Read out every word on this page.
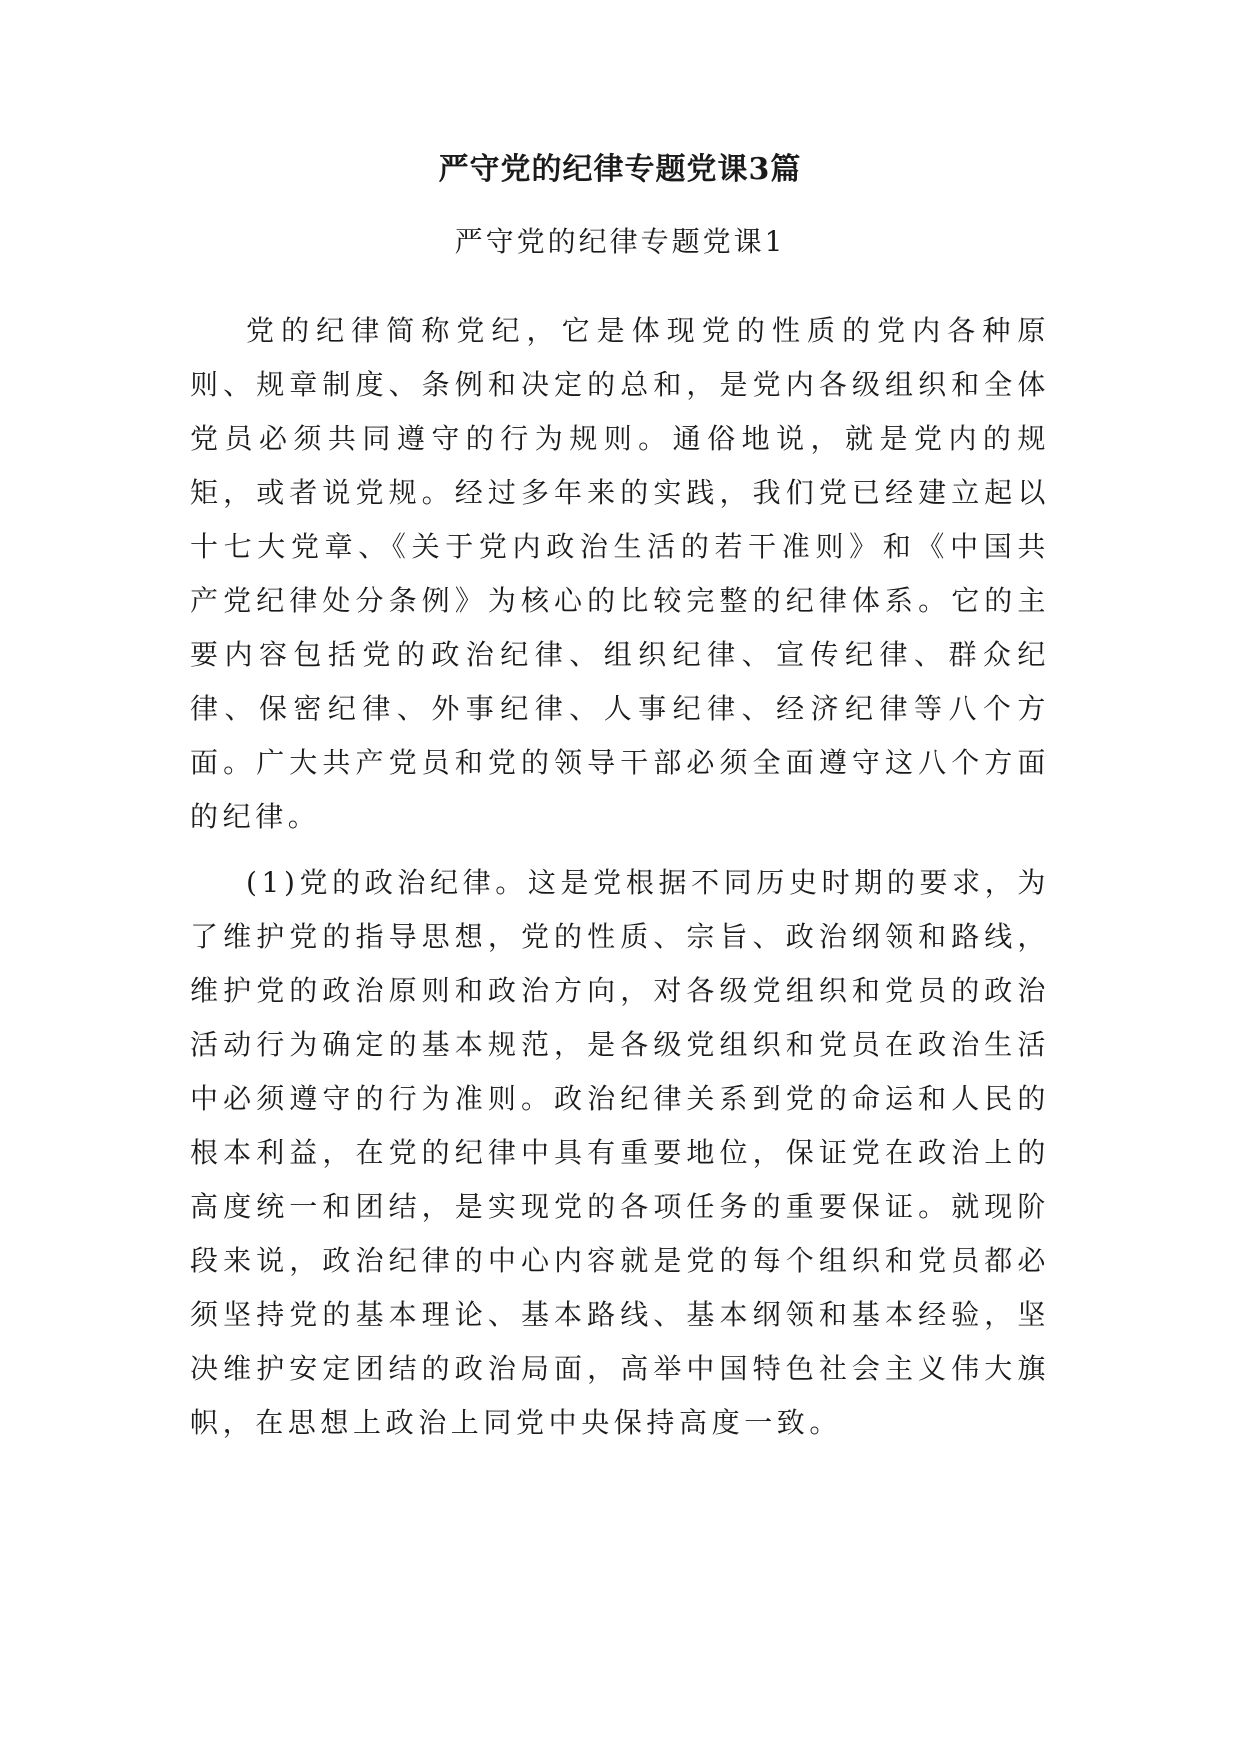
严守党的纪律专题党课3篇
严守党的纪律专题党课1

党的纪律简称党纪，它是体现党的性质的党内各种原则、规章制度、条例和决定的总和，是党内各级组织和全体党员必须共同遵守的行为规则。通俗地说，就是党内的规矩，或者说党规。经过多年来的实践，我们党已经建立起以十七大党章、《关于党内政治生活的若干准则》和《中国共产党纪律处分条例》为核心的比较完整的纪律体系。它的主要内容包括党的政治纪律、组织纪律、宣传纪律、群众纪律、保密纪律、外事纪律、人事纪律、经济纪律等八个方面。广大共产党员和党的领导干部必须全面遵守这八个方面的纪律。

(1)党的政治纪律。这是党根据不同历史时期的要求，为了维护党的指导思想，党的性质、宗旨、政治纲领和路线，维护党的政治原则和政治方向，对各级党组织和党员的政治活动行为确定的基本规范，是各级党组织和党员在政治生活中必须遵守的行为准则。政治纪律关系到党的命运和人民的根本利益，在党的纪律中具有重要地位，保证党在政治上的高度统一和团结，是实现党的各项任务的重要保证。就现阶段来说，政治纪律的中心内容就是党的每个组织和党员都必须坚持党的基本理论、基本路线、基本纲领和基本经验，坚决维护安定团结的政治局面，高举中国特色社会主义伟大旗帜，在思想上政治上同党中央保持高度一致。
